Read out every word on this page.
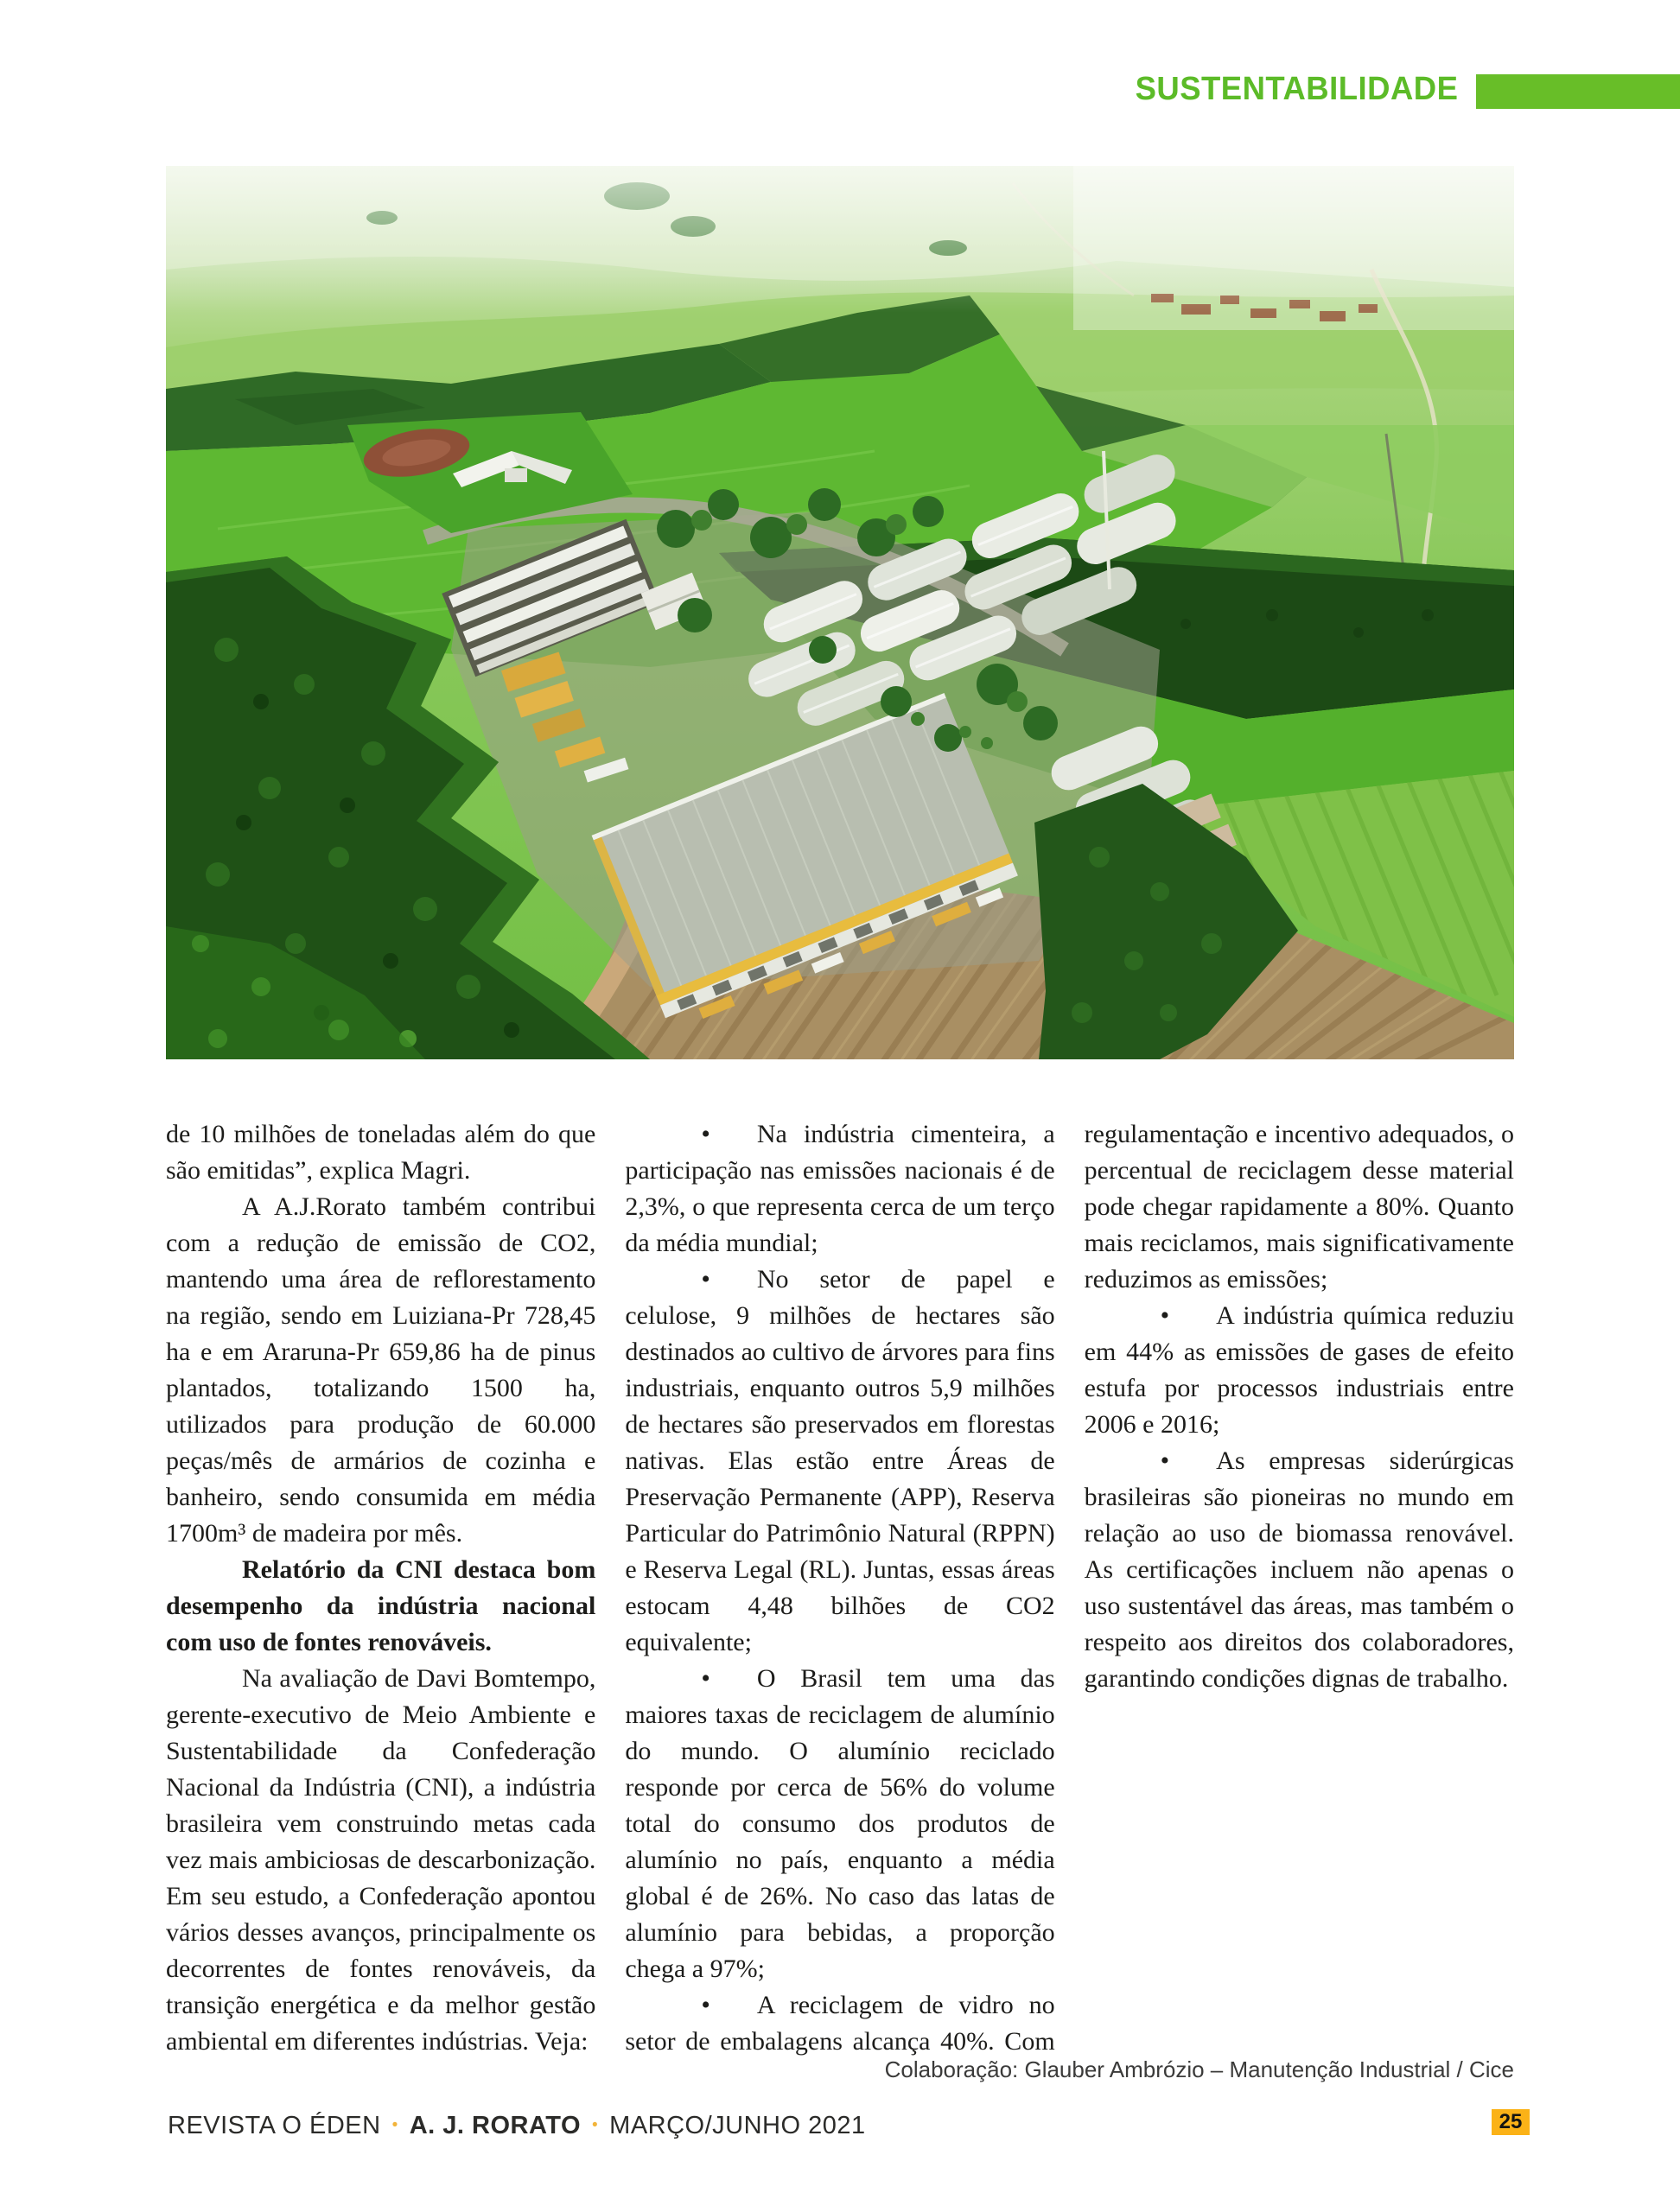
SUSTENTABILIDADE

de 10 milhões de toneladas além do que são emitidas”, explica Magri.

A A.J.Rorato também contribui com a redução de emissão de CO2, mantendo uma área de reflorestamento na região, sendo em Luiziana-Pr 728,45 ha e em Araruna-Pr 659,86 ha de pinus plantados, totalizando 1500 ha, utilizados para produção de 60.000 peças/mês de armários de cozinha e banheiro, sendo consumida em média 1700m³ de madeira por mês.

Relatório da CNI destaca bom desempenho da indústria nacional com uso de fontes renováveis.

Na avaliação de Davi Bomtempo, gerente-executivo de Meio Ambiente e Sustentabilidade da Confederação Nacional da Indústria (CNI), a indústria brasileira vem construindo metas cada vez mais ambiciosas de descarbonização. Em seu estudo, a Confederação apontou vários desses avanços, principalmente os decorrentes de fontes renováveis, da transição energética e da melhor gestão ambiental em diferentes indústrias. Veja:

• Na indústria cimenteira, a participação nas emissões nacionais é de 2,3%, o que representa cerca de um terço da média mundial;

• No setor de papel e celulose, 9 milhões de hectares são destinados ao cultivo de árvores para fins industriais, enquanto outros 5,9 milhões de hectares são preservados em florestas nativas. Elas estão entre Áreas de Preservação Permanente (APP), Reserva Particular do Patrimônio Natural (RPPN) e Reserva Legal (RL). Juntas, essas áreas estocam 4,48 bilhões de CO2 equivalente;

• O Brasil tem uma das maiores taxas de reciclagem de alumínio do mundo. O alumínio reciclado responde por cerca de 56% do volume total do consumo dos produtos de alumínio no país, enquanto a média global é de 26%. No caso das latas de alumínio para bebidas, a proporção chega a 97%;

• A reciclagem de vidro no setor de embalagens alcança 40%. Com regulamentação e incentivo adequados, o percentual de reciclagem desse material pode chegar rapidamente a 80%. Quanto mais reciclamos, mais significativamente reduzimos as emissões;

• A indústria química reduziu em 44% as emissões de gases de efeito estufa por processos industriais entre 2006 e 2016;

• As empresas siderúrgicas brasileiras são pioneiras no mundo em relação ao uso de biomassa renovável. As certificações incluem não apenas o uso sustentável das áreas, mas também o respeito aos direitos dos colaboradores, garantindo condições dignas de trabalho.

Colaboração: Glauber Ambrózio – Manutenção Industrial / Cice

REVISTA O ÉDEN • A. J. RORATO • MARÇO/JUNHO 2021	25
